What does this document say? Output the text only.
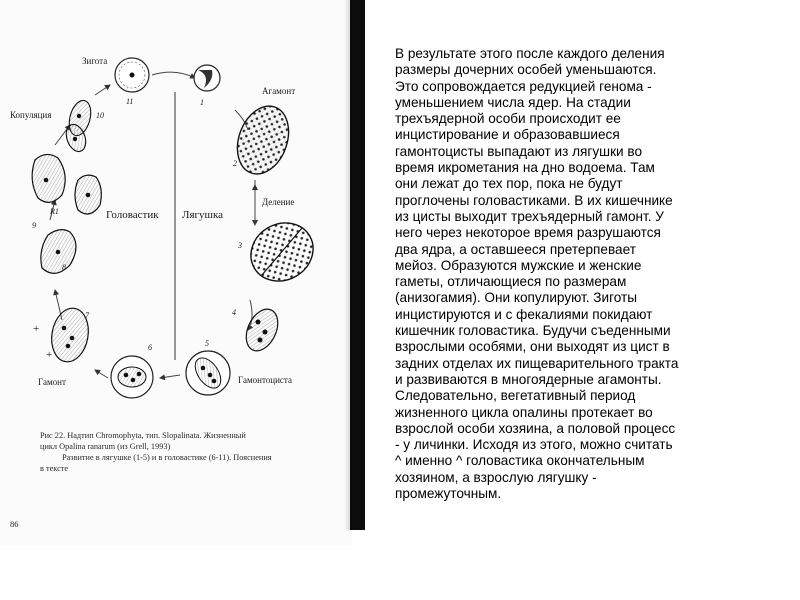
Зигота
Копуляция
Агамонт
Деление
Головастик Лягушка
Гамонт	Гамонтоциста
R1
1
2
3
4
5
6
7
8
9
10
11
+
+
Рис 22. Надтип Chromophyta, тип. Slopalinata. Жизненный
цикл Opalina ranarum (из Grell, 1993)
Развитие в лягушке (1-5) и в головастике (6-11). Пояснения
в тексте
86
В результате этого после каждого деления
размеры дочерних особей уменьшаются.
Это сопровождается редукцией генома -
уменьшением числа ядер. На стадии
трехъядерной особи происходит ее
инцистирование и образовавшиеся
гамонтоцисты выпадают из лягушки во
время икрометания на дно водоема. Там
они лежат до тех пор, пока не будут
проглочены головастиками. В их кишечнике
из цисты выходит трехъядерный гамонт. У
него через некоторое время разрушаются
два ядра, а оставшееся претерпевает
мейоз. Образуются мужские и женские
гаметы, отличающиеся по размерам
(анизогамия). Они копулируют. Зиготы
инцистируются и с фекалиями покидают
кишечник головастика. Будучи съеденными
взрослыми особями, они выходят из цист в
задних отделах их пищеварительного тракта
и развиваются в многоядерные агамонты.
Следовательно, вегетативный период
жизненного цикла опалины протекает во
взрослой особи хозяина, а половой процесс
- у личинки. Исходя из этого, можно считать
^ именно ^ головастика окончательным
хозяином, а взрослую лягушку -
промежуточным.
